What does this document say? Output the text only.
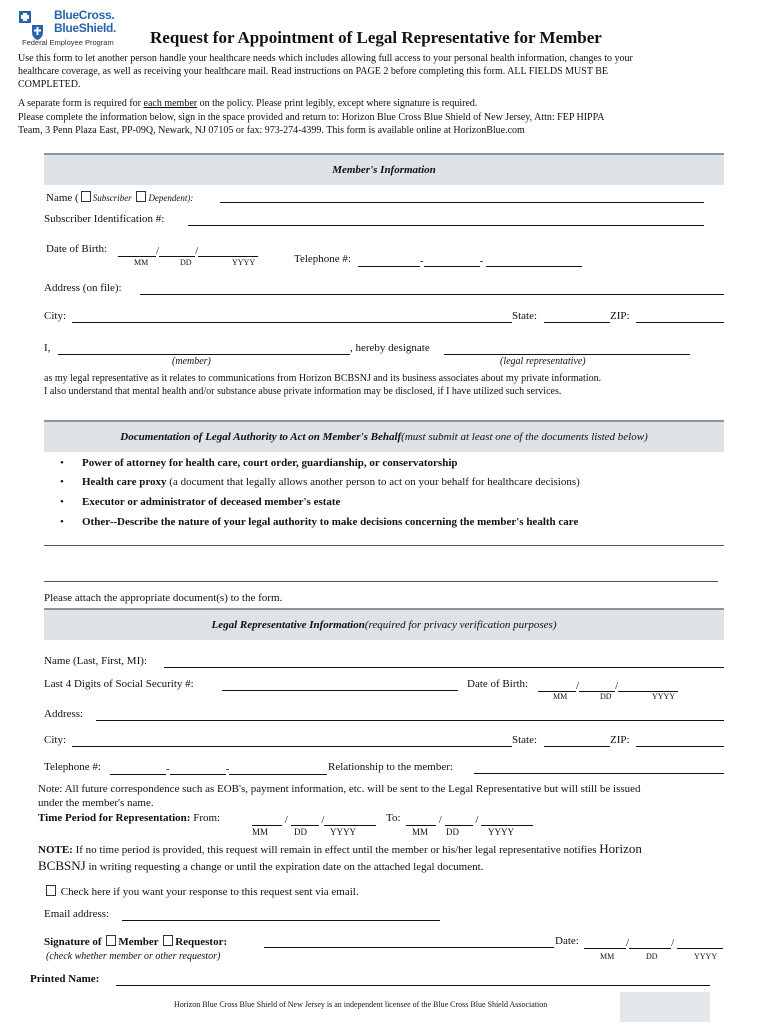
BlueCross.
BlueShield.
Federal Employee Program Request for Appointment of Legal Representative for Member
Use this form to let another person handle your healthcare needs which includes allowing full access to your personal health information, changes to your
healthcare coverage, as well as receiving your healthcare mail. Read instructions on PAGE 2 before completing this form. ALL FIELDS MUST BE
COMPLETED.
A separate form is required for each member on the policy. Please print legibly, except where signature is required.
Please complete the information below, sign in the space provided and return to: Horizon Blue Cross Blue Shield of New Jersey, Attn: FEP HIPPA
Team, 3 Penn Plaza East, PP-09Q, Newark, NJ 07105 or fax: 973-274-4399. This form is available online at HorizonBlue.com
Member's Information
Name ( Subscriber Dependent):
Subscriber Identification #:
Date of Birth:	/	/
MM	DD	YYYY	Telephone #:	-	-
Address (on file):
City:	State:	ZIP:
I,	, hereby designate
(member)	(legal representative)
as my legal representative as it relates to communications from Horizon BCBSNJ and its business associates about my private information.
I also understand that mental health and/or substance abuse private information may be disclosed, if I have utilized such services.
Documentation of Legal Authority to Act on Member's Behalf (must submit at least one of the documents listed below)
• Power of attorney for health care, court order, guardianship, or conservatorship
• Health care proxy (a document that legally allows another person to act on your behalf for healthcare decisions)
• Executor or administrator of deceased member's estate
• Other--Describe the nature of your legal authority to make decisions concerning the member's health care
Please attach the appropriate document(s) to the form.
Legal Representative Information (required for privacy verification purposes)
Name (Last, First, MI):
Last 4 Digits of Social Security #:	Date of Birth:	/	/
MM	DD	YYYY
Address:
City:	State:	ZIP:
Telephone #:	-	-	Relationship to the member:
Note: All future correspondence such as EOB's, payment information, etc. will be sent to the Legal Representative but will still be issued
under the member's name.
Time Period for Representation: From:	/	/	To:	/	/
MM	DD	YYYY	MM DD	YYYY
NOTE: If no time period is provided, this request will remain in effect until the member or his/her legal representative notifies Horizon
BCBSNJ in writing requesting a change or until the expiration date on the attached legal document.
Check here if you want your response to this request sent via email.
Email address:
Signature of Member Requestor:	Date:	/	/
(check whether member or other requestor)	MM	DD	YYYY
Printed Name:
Horizon Blue Cross Blue Shield of New Jersey is an independent licensee of the Blue Cross Blue Shield Association
